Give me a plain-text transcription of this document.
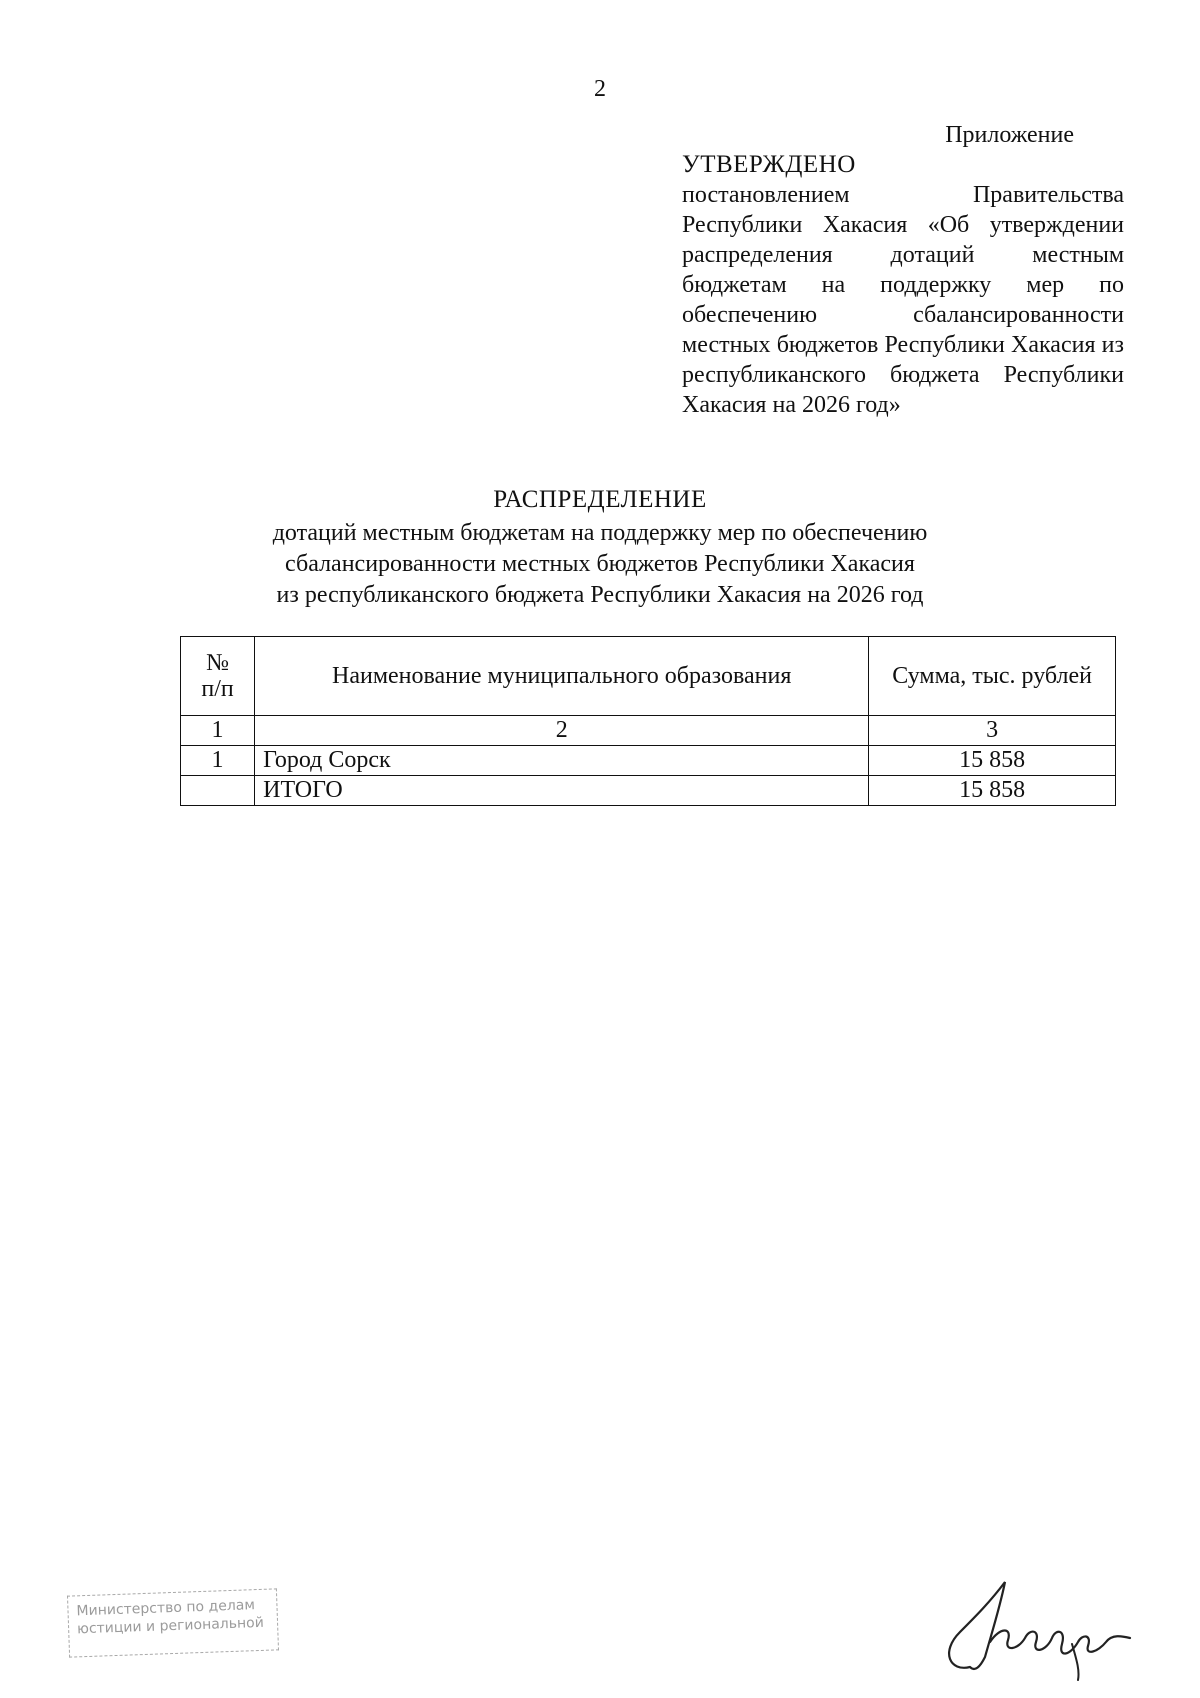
2
Приложение
УТВЕРЖДЕНО
постановлением Правительства Республики Хакасия «Об утверждении распределения дотаций местным бюджетам на поддержку мер по обеспечению сбалансированности местных бюджетов Республики Хакасия из республиканского бюджета Республики Хакасия на 2026 год»
РАСПРЕДЕЛЕНИЕ
дотаций местным бюджетам на поддержку мер по обеспечению
сбалансированности местных бюджетов Республики Хакасия
из республиканского бюджета Республики Хакасия на 2026 год
№
п/п	Наименование муниципального образования	Сумма, тыс. рублей
1	2	3
1	Город Сорск	15 858
	ИТОГО	15 858
Министерство по делам
юстиции и региональной
